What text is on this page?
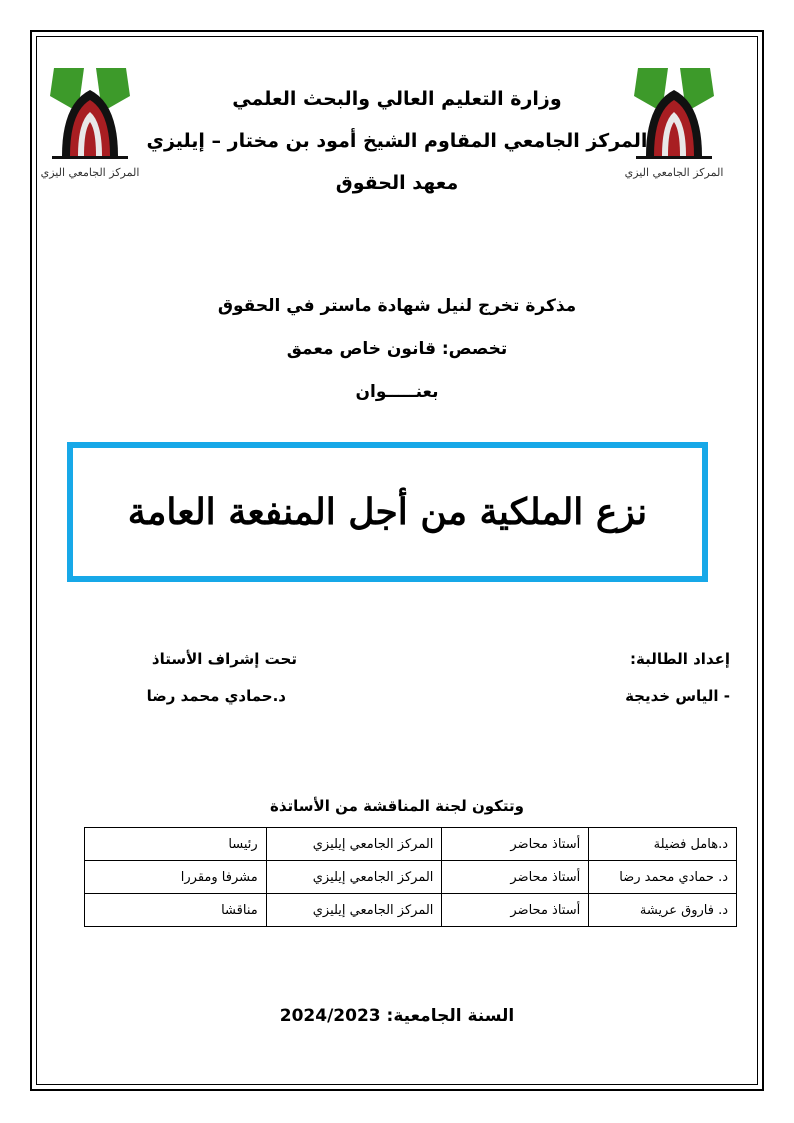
المركز الجامعي اليزي	المركز الجامعي اليزي
وزارة التعليم العالي والبحث العلمي
المركز الجامعي المقاوم الشيخ أمود بن مختار – إيليزي
معهد الحقوق
مذكرة تخرج لنيل شهادة ماستر في الحقوق
تخصص: قانون خاص معمق
بعنـــــوان
نزع الملكية من أجل المنفعة العامة
إعداد الطالبة:
- الياس خديجة
تحت إشراف الأستاذ
د.حمادي محمد رضا
وتتكون لجنة المناقشة من الأساتذة
د.هامل فضيلة	أستاذ محاضر	المركز الجامعي إيليزي	رئيسا
د. حمادي محمد رضا	أستاذ محاضر	المركز الجامعي إيليزي	مشرفا ومقررا
د. فاروق عريشة	أستاذ محاضر	المركز الجامعي إيليزي	مناقشا
السنة الجامعية: 2024/2023
